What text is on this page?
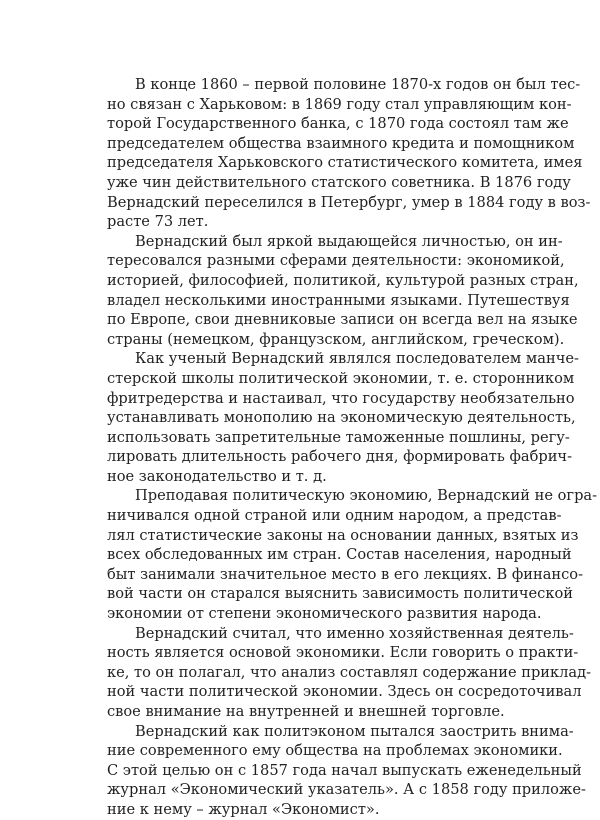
В конце 1860 – первой половине 1870-х годов он был тес-
но связан с Харьковом: в 1869 году стал управляющим кон-
торой Государственного банка, с 1870 года состоял там же
председателем общества взаимного кредита и помощником
председателя Харьковского статистического комитета, имея
уже чин действительного статского советника. В 1876 году
Вернадский переселился в Петербург, умер в 1884 году в воз-
расте 73 лет.
Вернадский был яркой выдающейся личностью, он ин-
тересовался разными сферами деятельности: экономикой,
историей, философией, политикой, культурой разных стран,
владел несколькими иностранными языками. Путешествуя
по Европе, свои дневниковые записи он всегда вел на языке
страны (немецком, французском, английском, греческом).
Как ученый Вернадский являлся последователем манче-
стерской школы политической экономии, т. е. сторонником
фритредерства и настаивал, что государству необязательно
устанавливать монополию на экономическую деятельность,
использовать запретительные таможенные пошлины, регу-
лировать длительность рабочего дня, формировать фабрич-
ное законодательство и т. д.
Преподавая политическую экономию, Вернадский не огра-
ничивался одной страной или одним народом, а представ-
лял статистические законы на основании данных, взятых из
всех обследованных им стран. Состав населения, народный
быт занимали значительное место в его лекциях. В финансо-
вой части он старался выяснить зависимость политической
экономии от степени экономического развития народа.
Вернадский считал, что именно хозяйственная деятель-
ность является основой экономики. Если говорить о практи-
ке, то он полагал, что анализ составлял содержание приклад-
ной части политической экономии. Здесь он сосредоточивал
свое внимание на внутренней и внешней торговле.
Вернадский как политэконом пытался заострить внима-
ние современного ему общества на проблемах экономики.
С этой целью он с 1857 года начал выпускать еженедельный
журнал «Экономический указатель». А с 1858 году приложе-
ние к нему – журнал «Экономист».
